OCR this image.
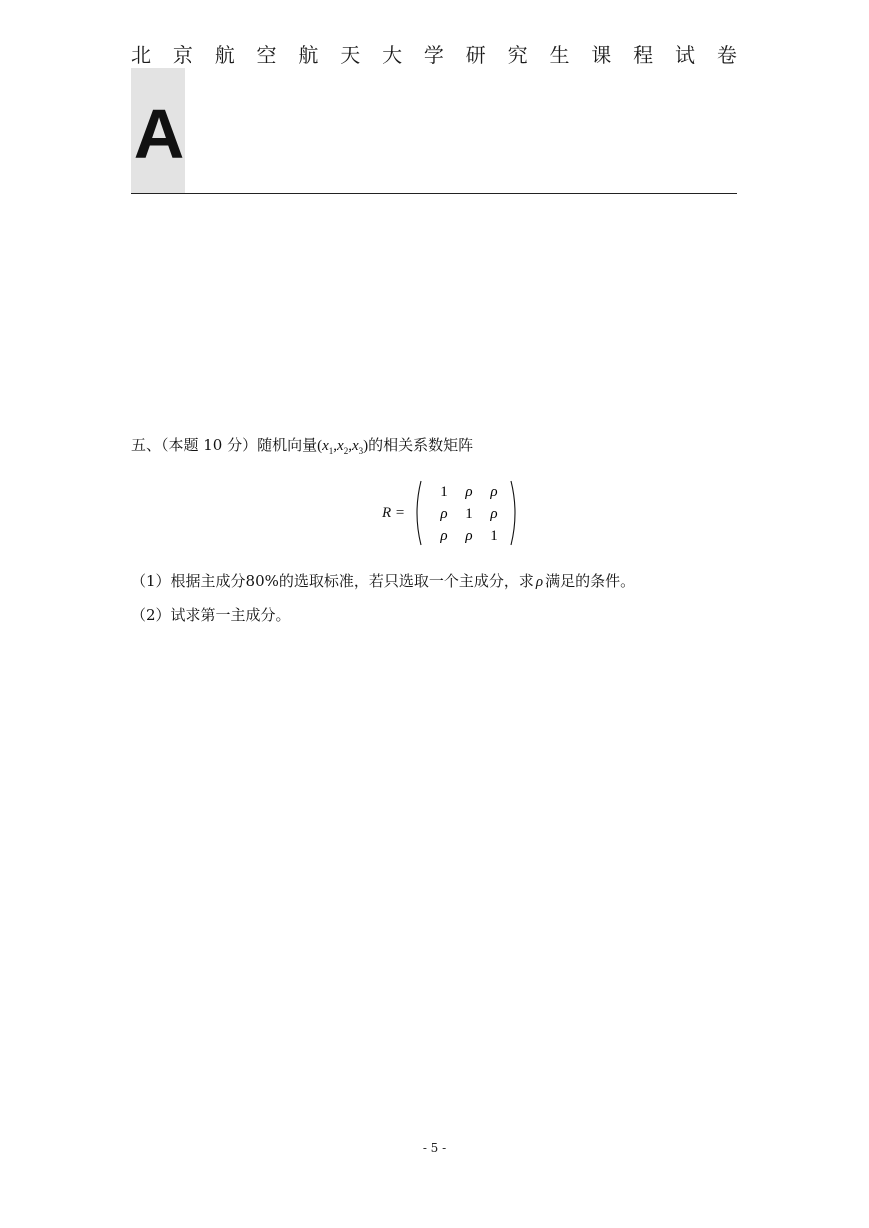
北 京 航 空 航 天 大 学 研 究 生 课 程 试 卷
A
五、（本题 10 分）随机向量$(x_1,x_2,x_3)$的相关系数矩阵
R =
1 ρ ρ
ρ 1 ρ
ρ ρ 1
（1）根据主成分80%的选取标准，若只选取一个主成分，求 ρ 满足的条件。
（2）试求第一主成分。
- 5 -
